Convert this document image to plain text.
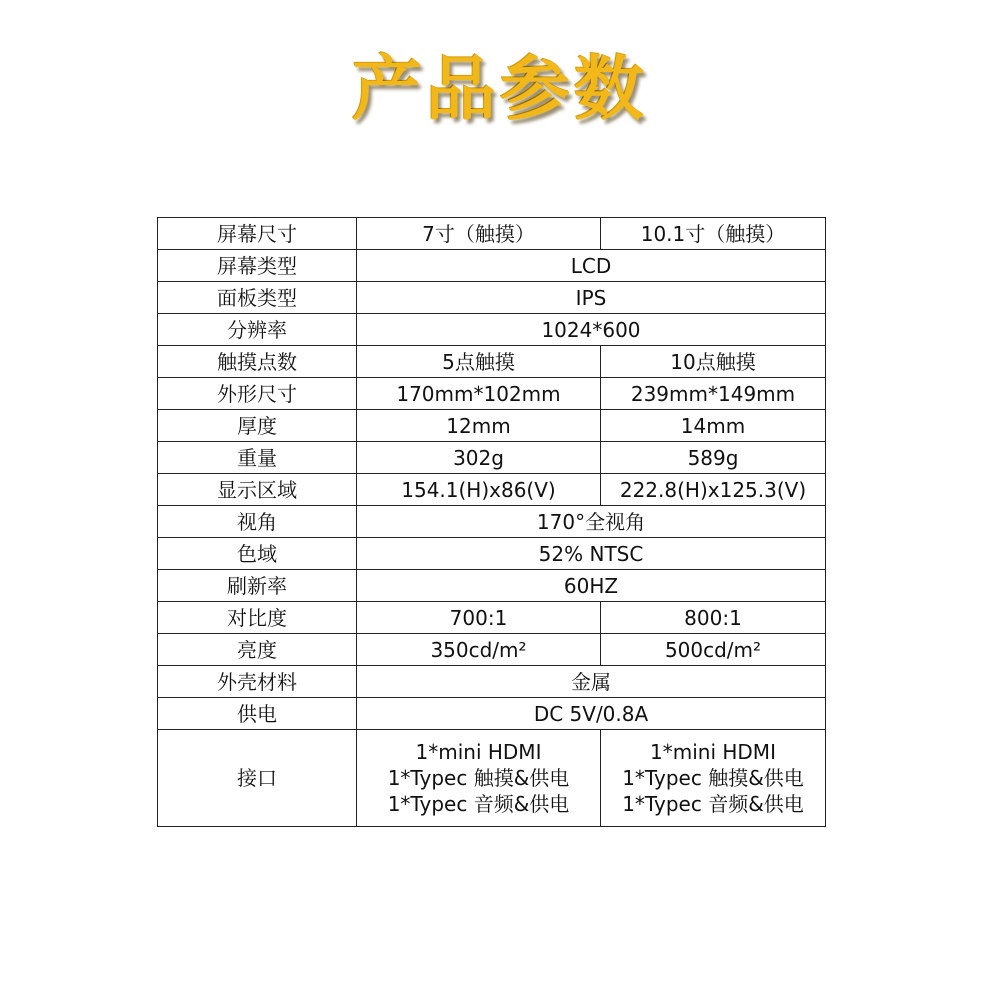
产品参数
屏幕尺寸	7寸（触摸）	10.1寸（触摸）
屏幕类型	LCD	
面板类型	IPS	
分辨率	1024*600	
触摸点数	5点触摸	10点触摸
外形尺寸	170mm*102mm	239mm*149mm
厚度	12mm	14mm
重量	302g	589g
显示区域	154.1(H)x86(V)	222.8(H)x125.3(V)
视角	170°全视角	
色域	52% NTSC	
刷新率	60HZ	
对比度	700:1	800:1
亮度	350cd/m²	500cd/m²
外壳材料	金属	
供电	DC 5V/0.8A	
接口	1*mini HDMI
1*Typec 触摸&供电
1*Typec 音频&供电	1*mini HDMI
1*Typec 触摸&供电
1*Typec 音频&供电
